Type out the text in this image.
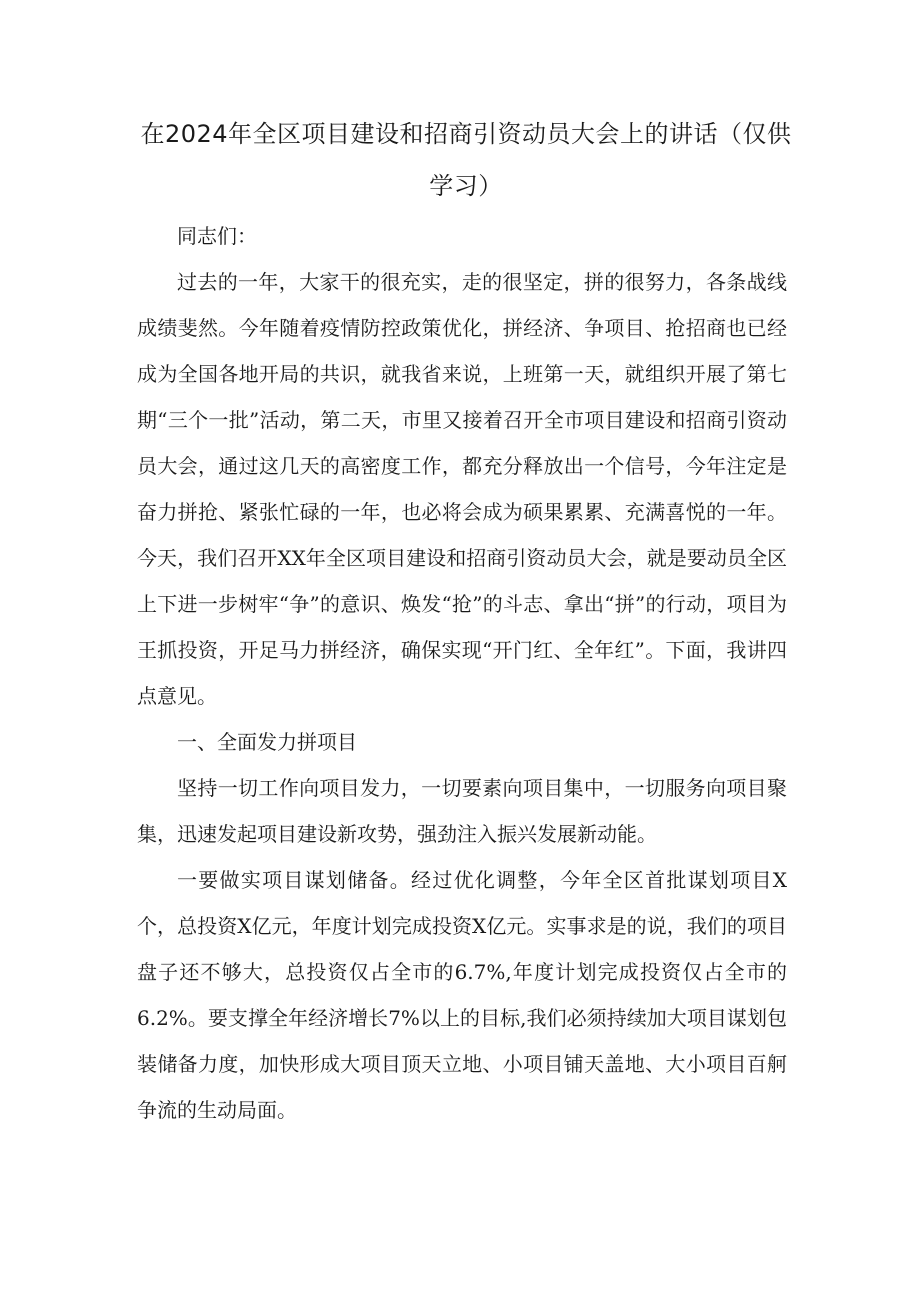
在2024年全区项目建设和招商引资动员大会上的讲话（仅供学习）

同志们：

过去的一年，大家干的很充实，走的很坚定，拼的很努力，各条战线成绩斐然。今年随着疫情防控政策优化，拼经济、争项目、抢招商也已经成为全国各地开局的共识，就我省来说，上班第一天，就组织开展了第七期“三个一批”活动，第二天，市里又接着召开全市项目建设和招商引资动员大会，通过这几天的高密度工作，都充分释放出一个信号，今年注定是奋力拼抢、紧张忙碌的一年，也必将会成为硕果累累、充满喜悦的一年。今天，我们召开XX年全区项目建设和招商引资动员大会，就是要动员全区上下进一步树牢“争”的意识、焕发“抢”的斗志、拿出“拼”的行动，项目为王抓投资，开足马力拼经济，确保实现“开门红、全年红”。下面，我讲四点意见。

一、全面发力拼项目

坚持一切工作向项目发力，一切要素向项目集中，一切服务向项目聚集，迅速发起项目建设新攻势，强劲注入振兴发展新动能。

一要做实项目谋划储备。经过优化调整，今年全区首批谋划项目X个，总投资X亿元，年度计划完成投资X亿元。实事求是的说，我们的项目盘子还不够大，总投资仅占全市的6.7%,年度计划完成投资仅占全市的6.2%。要支撑全年经济增长7%以上的目标,我们必须持续加大项目谋划包装储备力度，加快形成大项目顶天立地、小项目铺天盖地、大小项目百舸争流的生动局面。
